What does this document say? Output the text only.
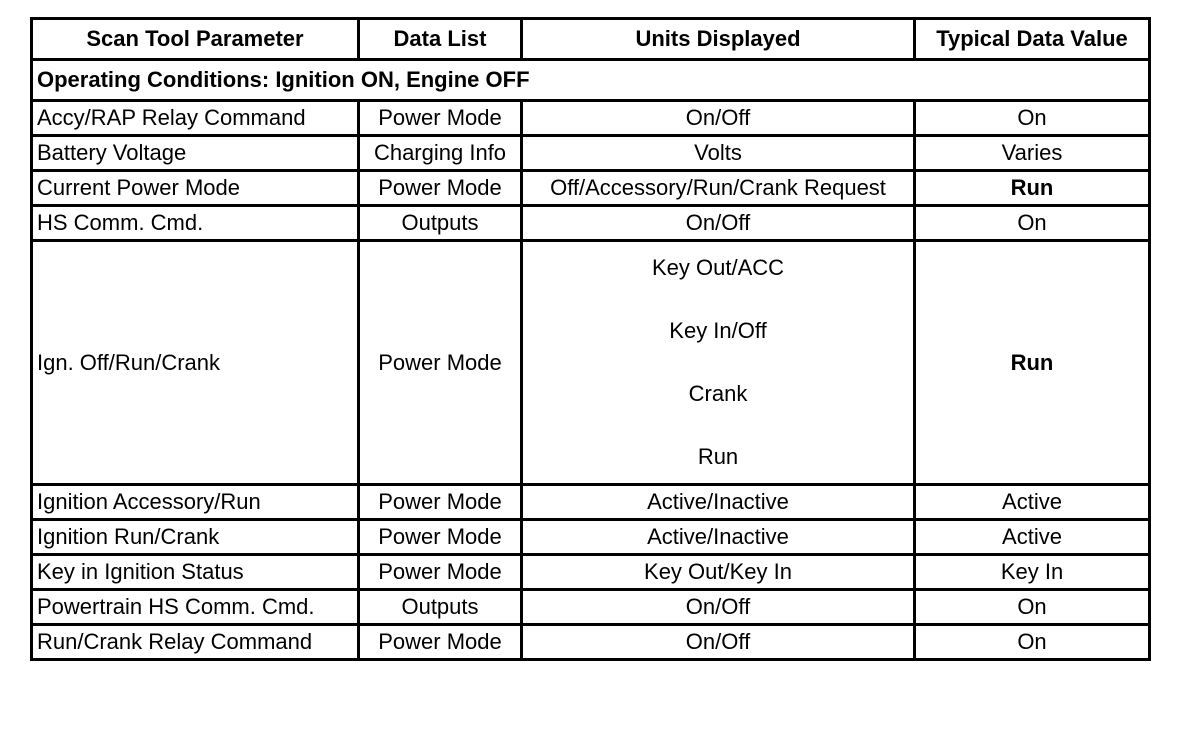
Scan Tool Parameter	Data List	Units Displayed	Typical Data Value
Operating Conditions: Ignition ON, Engine OFF			
Accy/RAP Relay Command	Power Mode	On/Off	On
Battery Voltage	Charging Info	Volts	Varies
Current Power Mode	Power Mode	Off/Accessory/Run/Crank Request	Run
HS Comm. Cmd.	Outputs	On/Off	On
Ign. Off/Run/Crank	Power Mode	Key Out/ACC
Key In/Off
Crank
Run	Run
Ignition Accessory/Run	Power Mode	Active/Inactive	Active
Ignition Run/Crank	Power Mode	Active/Inactive	Active
Key in Ignition Status	Power Mode	Key Out/Key In	Key In
Powertrain HS Comm. Cmd.	Outputs	On/Off	On
Run/Crank Relay Command	Power Mode	On/Off	On
